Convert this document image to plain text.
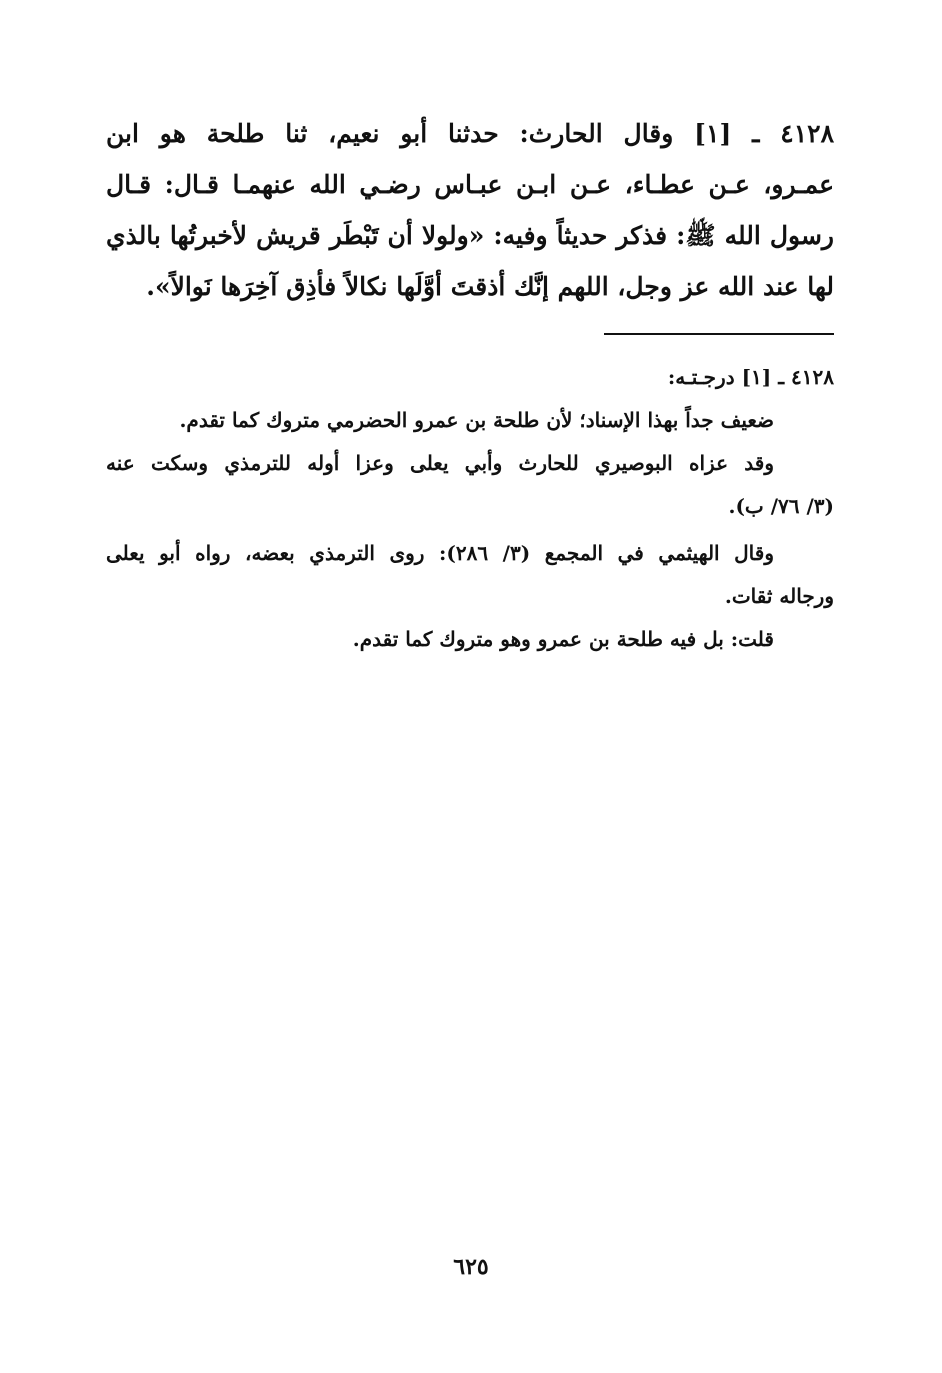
٤١٢٨ ـ [١] وقال الحارث: حدثنا أبو نعيم، ثنا طلحة هو ابن
عمـرو، عـن عطـاء، عـن ابـن عبـاس رضـي الله عنهمـا قـال: قـال
رسول الله ﷺ: فذكر حديثاً وفيه: «ولولا أن تَبْطَر قريش لأخبرتُها بالذي
لها عند الله عز وجل، اللهم إنَّك أذقتَ أوَّلَها نكالاً فأذِق آخِرَها نَوالاً».
٤١٢٨ ـ [١] درجـتـه:
ضعيف جداً بهذا الإسناد؛ لأن طلحة بن عمرو الحضرمي متروك كما تقدم.
وقد عزاه البوصيري للحارث وأبي يعلى وعزا أوله للترمذي وسكت عنه
(٣/ ٧٦/ ب).
وقال الهيثمي في المجمع (٣/ ٢٨٦): روى الترمذي بعضه، رواه أبو يعلى
ورجاله ثقات.
قلت: بل فيه طلحة بن عمرو وهو متروك كما تقدم.
٦٢٥
